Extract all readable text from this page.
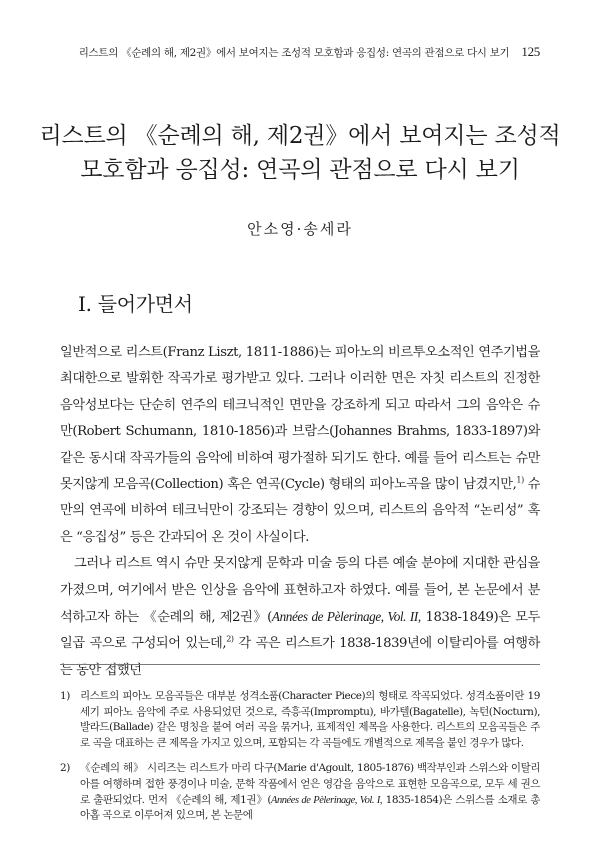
리스트의 《순례의 해, 제2권》에서 보여지는 조성적 모호함과 응집성: 연곡의 관점으로 다시 보기 125
리스트의 《순례의 해, 제2권》에서 보여지는 조성적
모호함과 응집성: 연곡의 관점으로 다시 보기
안소영·송세라
I. 들어가면서

일반적으로 리스트(Franz Liszt, 1811-1886)는 피아노의 비르투오소적인 연주기법을 최대한으로 발휘한 작곡가로 평가받고 있다. 그러나 이러한 면은 자칫 리스트의 진정한 음악성보다는 단순히 연주의 테크닉적인 면만을 강조하게 되고 따라서 그의 음악은 슈만(Robert Schumann, 1810-1856)과 브람스(Johannes Brahms, 1833-1897)와 같은 동시대 작곡가들의 음악에 비하여 평가절하 되기도 한다. 예를 들어 리스트는 슈만 못지않게 모음곡(Collection) 혹은 연곡(Cycle) 형태의 피아노곡을 많이 남겼지만,$^{1)}$ 슈만의 연곡에 비하여 테크닉만이 강조되는 경향이 있으며, 리스트의 음악적 “논리성” 혹은 “응집성” 등은 간과되어 온 것이 사실이다.

그러나 리스트 역시 슈만 못지않게 문학과 미술 등의 다른 예술 분야에 지대한 관심을 가졌으며, 여기에서 받은 인상을 음악에 표현하고자 하였다. 예를 들어, 본 논문에서 분석하고자 하는 《순례의 해, 제2권》(Années de Pèlerinage, Vol. II, 1838-1849)은 모두 일곱 곡으로 구성되어 있는데,$^{2)}$ 각 곡은 리스트가 1838-1839년에 이탈리아를 여행하는 동안 접했던

1) 리스트의 피아노 모음곡들은 대부분 성격소품(Character Piece)의 형태로 작곡되었다. 성격소품이란 19세기 피아노 음악에 주로 사용되었던 것으로, 즉흥곡(Impromptu), 바가텔(Bagatelle), 녹턴(Nocturn), 발라드(Ballade) 같은 명칭을 붙여 여러 곡을 묶거나, 표제적인 제목을 사용한다. 리스트의 모음곡들은 주로 곡을 대표하는 큰 제목을 가지고 있으며, 포함되는 각 곡들에도 개별적으로 제목을 붙인 경우가 많다.
2) 《순례의 해》 시리즈는 리스트가 마리 다구(Marie d'Agoult, 1805-1876) 백작부인과 스위스와 이탈리아를 여행하며 접한 풍경이나 미술, 문학 작품에서 얻은 영감을 음악으로 표현한 모음곡으로, 모두 세 권으로 출판되었다. 먼저 《순례의 해, 제1권》(Années de Pèlerinage, Vol. I, 1835-1854)은 스위스를 소재로 총 아홉 곡으로 이루어져 있으며, 본 논문에
